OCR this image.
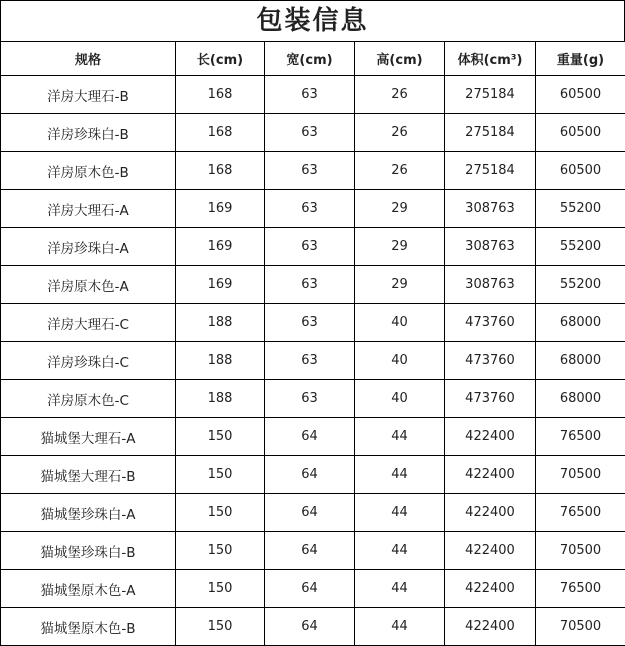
包装信息
规格	长(cm)	宽(cm)	高(cm)	体积(cm³)	重量(g)
洋房大理石-B	168	63	26	275184	60500
洋房珍珠白-B	168	63	26	275184	60500
洋房原木色-B	168	63	26	275184	60500
洋房大理石-A	169	63	29	308763	55200
洋房珍珠白-A	169	63	29	308763	55200
洋房原木色-A	169	63	29	308763	55200
洋房大理石-C	188	63	40	473760	68000
洋房珍珠白-C	188	63	40	473760	68000
洋房原木色-C	188	63	40	473760	68000
猫城堡大理石-A	150	64	44	422400	76500
猫城堡大理石-B	150	64	44	422400	70500
猫城堡珍珠白-A	150	64	44	422400	76500
猫城堡珍珠白-B	150	64	44	422400	70500
猫城堡原木色-A	150	64	44	422400	76500
猫城堡原木色-B	150	64	44	422400	70500
